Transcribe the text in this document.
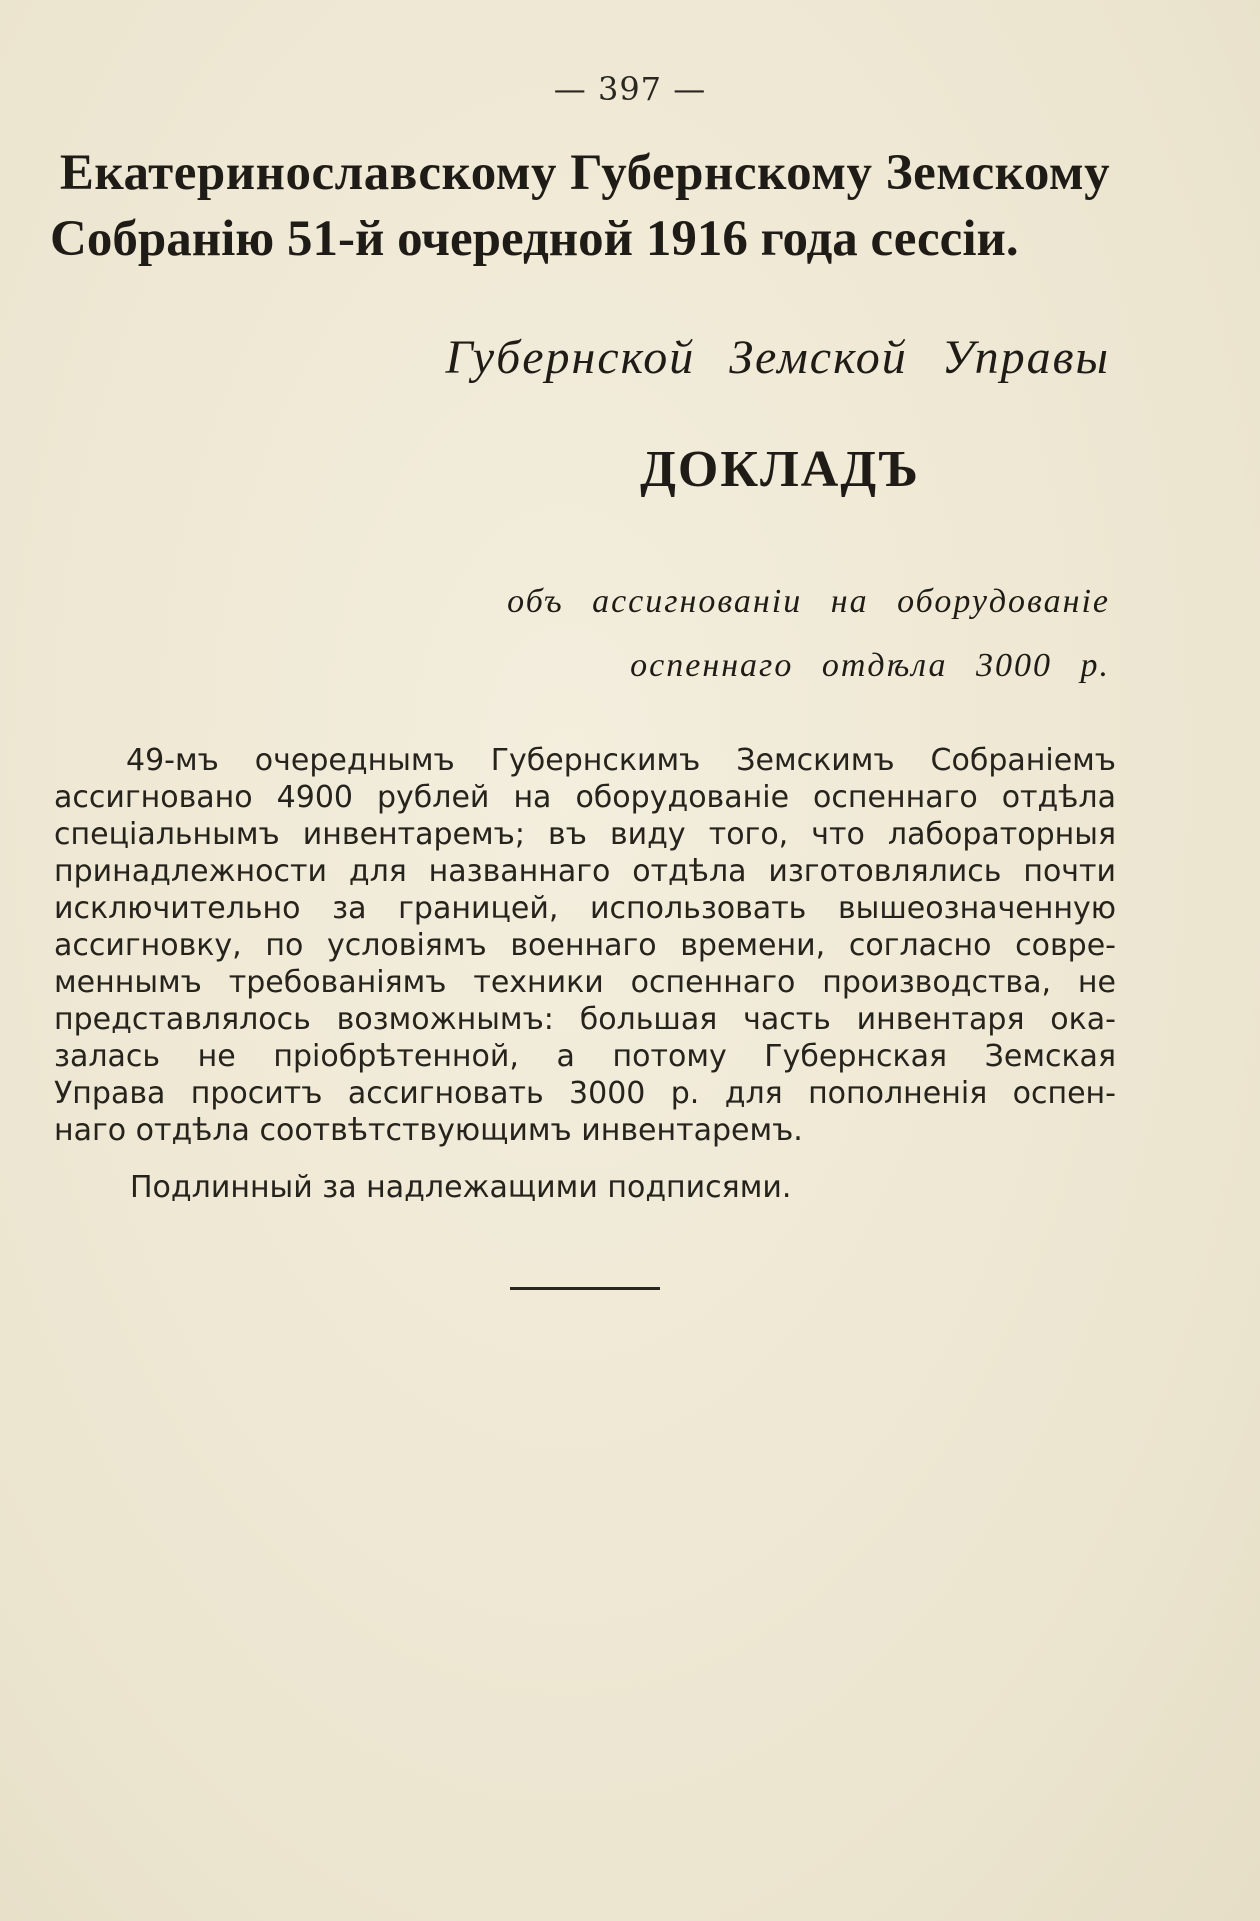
— 397 —
Екатеринославскому Губернскому Земскому
Собранію 51-й очередной 1916 года сессіи.
Губернской Земской Управы
ДОКЛАДЪ
объ ассигнованіи на оборудованіе
оспеннаго отдѣла 3000 р.
49-мъ очереднымъ Губернскимъ Земскимъ Собраніемъ
ассигновано 4900 рублей на оборудованіе оспеннаго отдѣла
спеціальнымъ инвентаремъ; въ виду того, что лабораторныя
принадлежности для названнаго отдѣла изготовлялись почти
исключительно за границей, использовать вышеозначенную
ассигновку, по условіямъ военнаго времени, согласно совре-
меннымъ требованіямъ техники оспеннаго производства, не
представлялось возможнымъ: большая часть инвентаря ока-
залась не пріобрѣтенной, а потому Губернская Земская
Управа проситъ ассигновать 3000 р. для пополненія оспен-
наго отдѣла соотвѣтствующимъ инвентаремъ.
Подлинный за надлежащими подписями.
